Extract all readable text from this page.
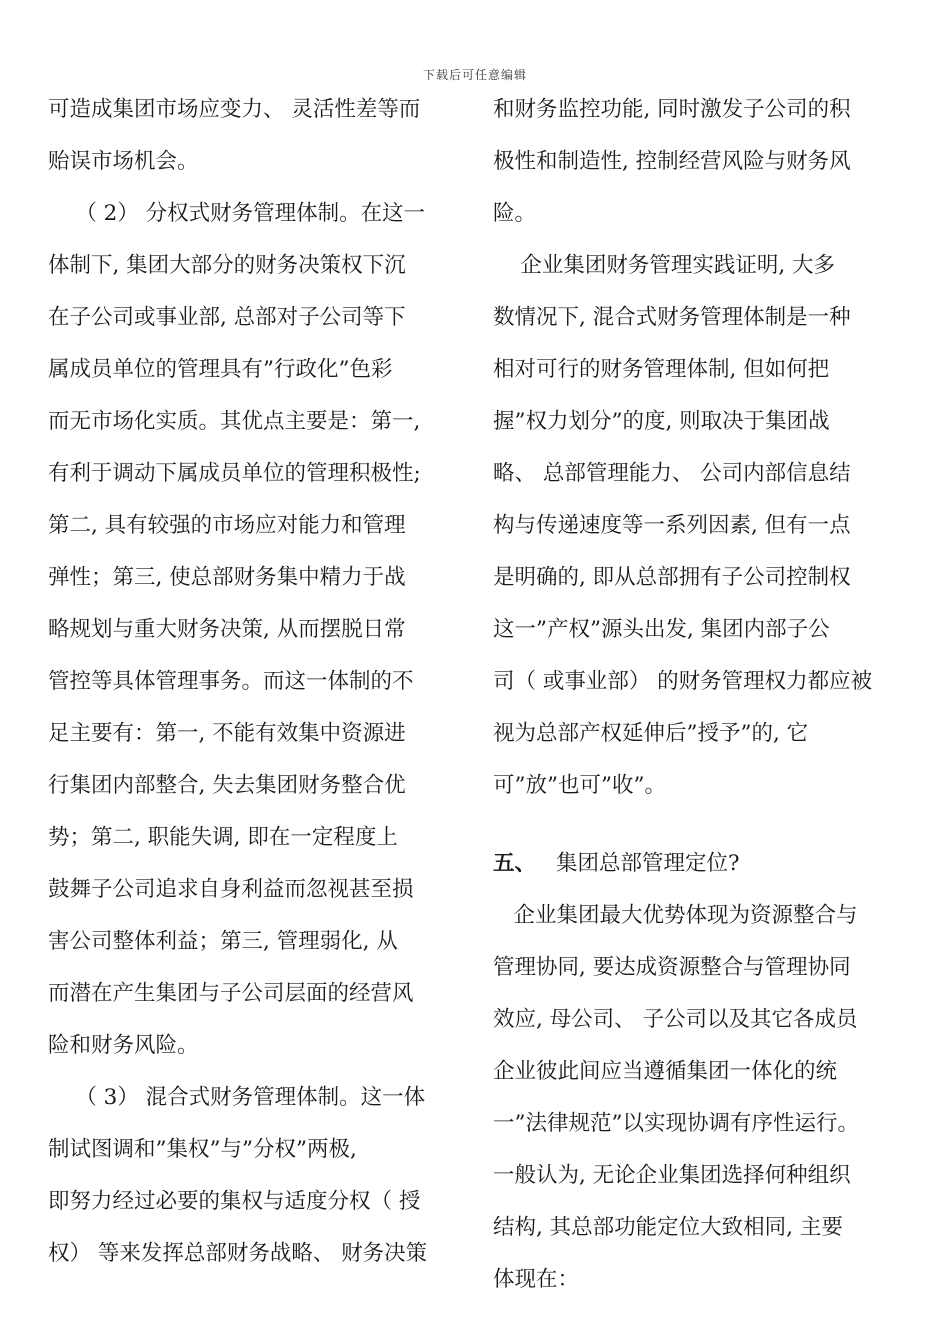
下载后可任意编辑
可造成集团市场应变力、 灵活性差等而
贻误市场机会。
（ 2） 分权式财务管理体制。在这一
体制下, 集团大部分的财务决策权下沉
在子公司或事业部, 总部对子公司等下
属成员单位的管理具有”行政化”色彩
而无市场化实质。其优点主要是：第一,
有利于调动下属成员单位的管理积极性;
第二, 具有较强的市场应对能力和管理
弹性；第三, 使总部财务集中精力于战
略规划与重大财务决策, 从而摆脱日常
管控等具体管理事务。而这一体制的不
足主要有：第一, 不能有效集中资源进
行集团内部整合, 失去集团财务整合优
势；第二, 职能失调, 即在一定程度上
鼓舞子公司追求自身利益而忽视甚至损
害公司整体利益；第三, 管理弱化, 从
而潜在产生集团与子公司层面的经营风
险和财务风险。
（ 3） 混合式财务管理体制。这一体
制试图调和”集权”与”分权”两极,
即努力经过必要的集权与适度分权（ 授
权） 等来发挥总部财务战略、 财务决策
和财务监控功能, 同时激发子公司的积
极性和制造性, 控制经营风险与财务风
险。
企业集团财务管理实践证明, 大多
数情况下, 混合式财务管理体制是一种
相对可行的财务管理体制, 但如何把
握”权力划分”的度, 则取决于集团战
略、 总部管理能力、 公司内部信息结
构与传递速度等一系列因素, 但有一点
是明确的, 即从总部拥有子公司控制权
这一”产权”源头出发, 集团内部子公
司（ 或事业部） 的财务管理权力都应被
视为总部产权延伸后”授予”的, 它
可”放”也可”收”。
五、 集团总部管理定位?
企业集团最大优势体现为资源整合与
管理协同, 要达成资源整合与管理协同
效应, 母公司、 子公司以及其它各成员
企业彼此间应当遵循集团一体化的统
一”法律规范”以实现协调有序性运行。
一般认为, 无论企业集团选择何种组织
结构, 其总部功能定位大致相同, 主要
体现在：
